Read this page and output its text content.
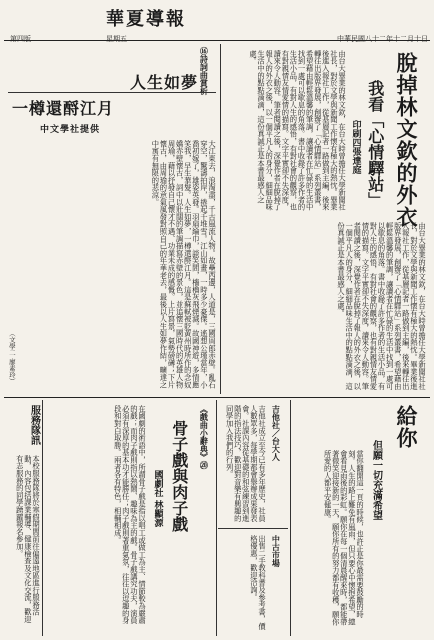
第四版	星期五
華夏導報
中華民國八十二年十二月十日
脫掉林文欽的外衣
我看「心情驛站」
印刷四張達庭
由台大畢業的林文欽，在台大時曾擔任大學新聞社社長，對於文學與新聞工作懷有極大的熱忱。畢業後進入報社工作，從基層記者一路做到主編，後來轉往出版界發展，創辦了「心情驛站」系列叢書，希望藉由輕鬆溫馨的筆調，讓讀者在忙碌的生活中找到一處可以歇息的角落。書中收錄了許多作者的生活小品，有對人生的感悟，有對社會的觀察，也有對親情友情愛情的描寫。文字平實卻不失深度，讀來令人動容。筆者閱讀之後，深覺作者在脫掉了報人的外衣之後，以一個平凡人的身分，細細品味生活中的點點滴滴，這份真誠正是本書最感人之處。
由台大畢業的林文欽，在台大時曾擔任大學新聞社社長，對於文學與新聞工作懷有極大的熱忱。畢業後進入報社工作，從基層記者一路做到主編，後來轉往出版界發展，創辦了「心情驛站」系列叢書，希望藉由輕鬆溫馨的筆調，讓讀者在忙碌的生活中找到一處可以歇息的角落。書中收錄了許多作者的生活小品，有對人生的感悟，有對社會的觀察，也有對親情友情愛情的描寫。文字平實卻不失深度，讀來令人動容。筆者閱讀之後，深覺作者在脫掉了報人的外衣之後，以一個平凡人的身分，細細品味生活中的點點滴滴，這份真誠正是本書最感人之處。
⑯詩詞曲賞析
人生如夢
一樽還酹江月
中文學社提供
大江東去，浪淘盡，千古風流人物。故壘西邊，人道是，三國周郎赤壁。亂石穿空，驚濤拍岸，捲起千堆雪。江山如畫，一時多少豪傑。遙想公瑾當年，小喬初嫁了，雄姿英發。羽扇綸巾，談笑間，檣櫓灰飛煙滅。故國神遊，多情應笑我，早生華髮。人生如夢，一樽還酹江月。這是蘇軾被貶黃州時所作的念奴嬌赤壁懷古，詞中以壯闊的筆調描寫赤壁的景色，並追懷三國時代的英雄人物周瑜，藉以抒發自己懷才不遇、功業未成的感慨。上片寫景，氣勢磅礡；下片懷古，由周瑜的意氣風發對照自己的年華老去，最後以人生如夢作結，曠達之中寓有無限的悲涼。
（文學二 廖素玲）
給你
但願一切充滿希望
當你翻開這一頁的時候，也許正是你最需要鼓勵的時刻。人生的路上難免有風雨，但只要心中懷抱希望，總會看見雨後的彩虹。願你在每一個清晨醒來時，都能帶著微笑迎接新的一天，願你所有的努力都有收穫，願你所愛的人都平安健康。
吉他社／台大人
吉他社成立至今已有多年歷史，社員人數眾多，每學期都會舉辦成果發表會。社課內容從基礎的和弦練習到進階的指法技巧，歡迎對音樂有興趣的同學加入我們的行列。
中古市場
出售二手教科書及參考書，價格優惠，歡迎洽詢。
《戲曲小辭典》⑳
骨子戲與肉子戲
國劇社 林顯源
在國劇的術語中，所謂骨子戲是指以唱工或做工為主、情節較為嚴肅的戲；而肉子戲則指以熱鬧、趣味為主的戲。骨子戲講究功夫，演員必須有深厚的基本功才能勝任；肉子戲則著重氣氛，往往以逗趣的身段和對白取勝。兩者各有特色，相輔相成。
服務隊訊
本校服務隊將於寒假期間前往偏遠地區進行服務活動，內容包括課業輔導、健康檢查及文化交流，歡迎有志服務的同學踴躍報名參加。
